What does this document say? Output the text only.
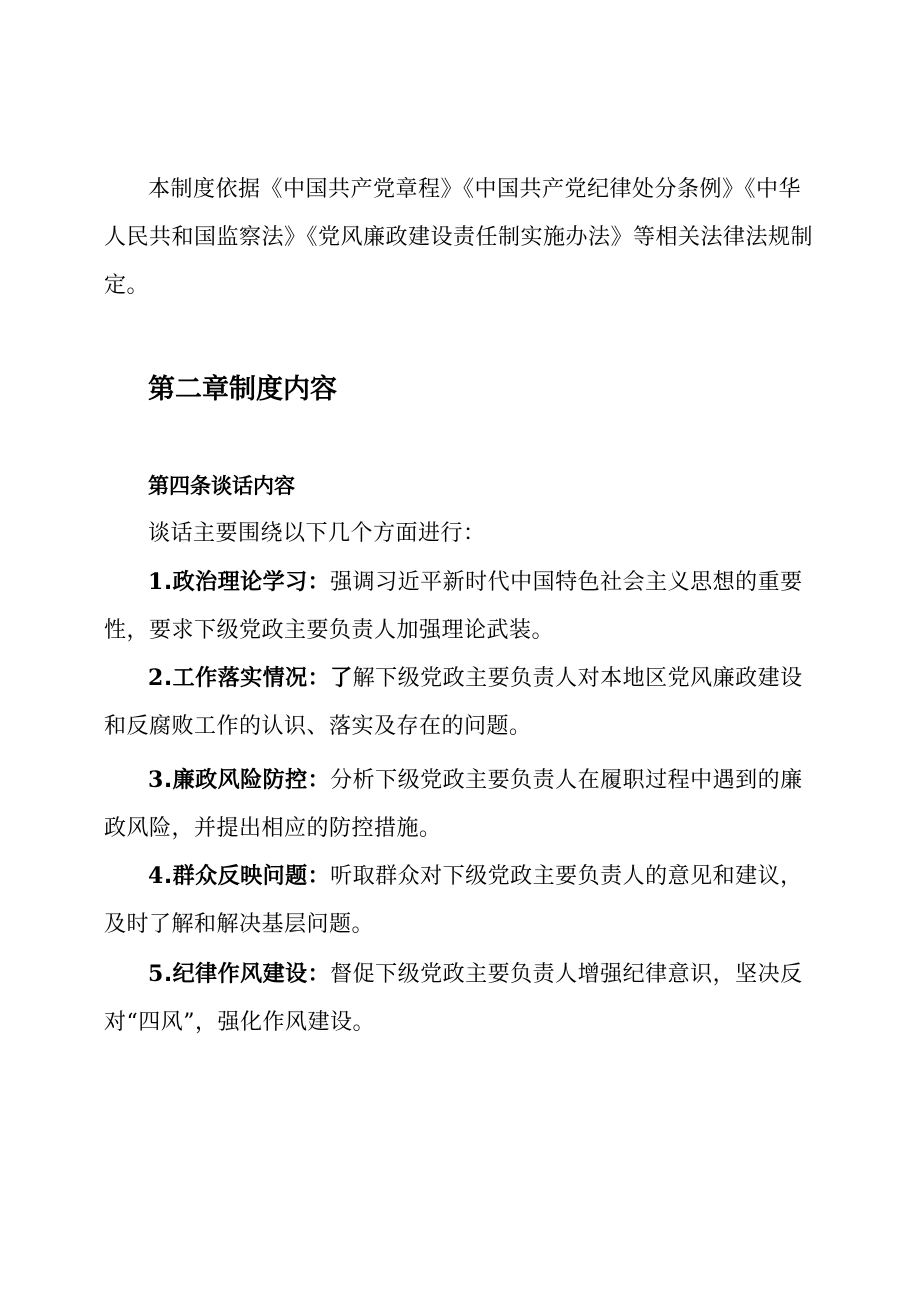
本制度依据《中国共产党章程》《中国共产党纪律处分条例》《中华人民共和国监察法》《党风廉政建设责任制实施办法》等相关法律法规制定。

第二章制度内容
第四条谈话内容

谈话主要围绕以下几个方面进行：

1.政治理论学习：强调习近平新时代中国特色社会主义思想的重要性，要求下级党政主要负责人加强理论武装。

2.工作落实情况：了解下级党政主要负责人对本地区党风廉政建设和反腐败工作的认识、落实及存在的问题。

3.廉政风险防控：分析下级党政主要负责人在履职过程中遇到的廉政风险，并提出相应的防控措施。

4.群众反映问题：听取群众对下级党政主要负责人的意见和建议，及时了解和解决基层问题。

5.纪律作风建设：督促下级党政主要负责人增强纪律意识，坚决反对“四风”，强化作风建设。
